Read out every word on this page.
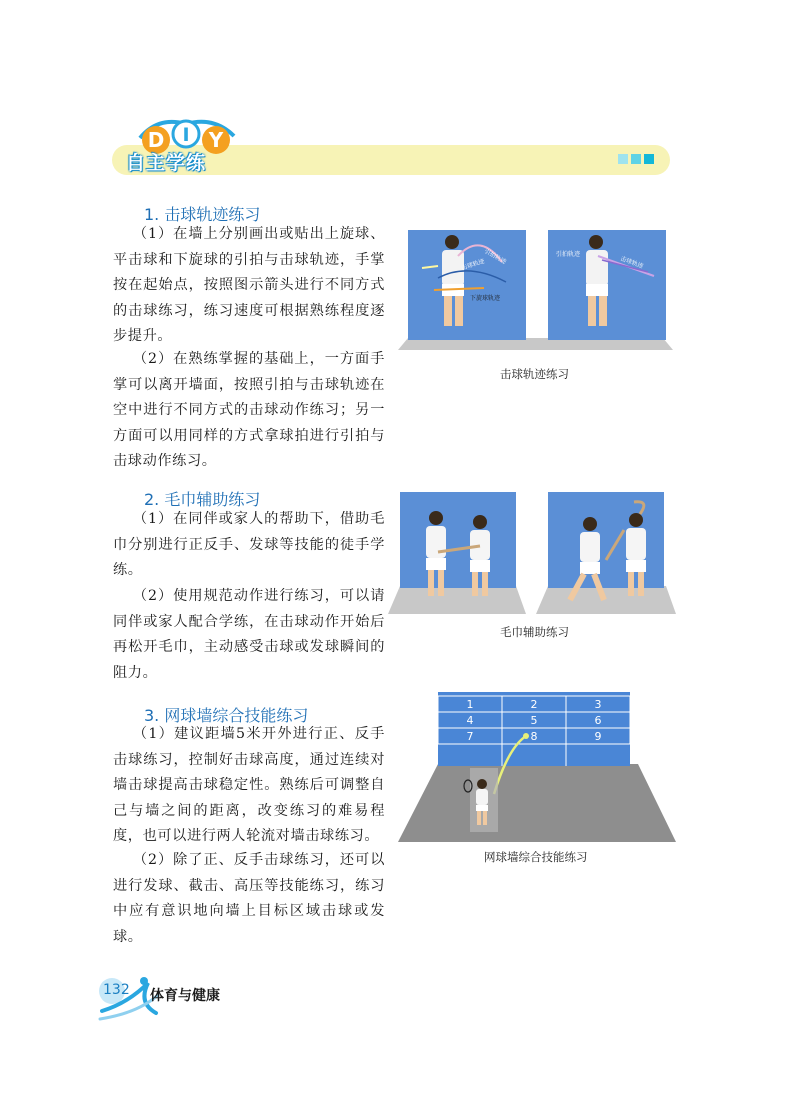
D I Y
自主学练
1. 击球轨迹练习

（1）在墙上分别画出或贴出上旋球、平击球和下旋球的引拍与击球轨迹，手掌按在起始点，按照图示箭头进行不同方式的击球练习，练习速度可根据熟练程度逐步提升。

（2）在熟练掌握的基础上，一方面手掌可以离开墙面，按照引拍与击球轨迹在空中进行不同方式的击球动作练习；另一方面可以用同样的方式拿球拍进行引拍与击球动作练习。

引拍轨迹
击球轨迹
下旋球轨迹
引拍轨迹
击球轨迹
击球轨迹练习
2. 毛巾辅助练习

（1）在同伴或家人的帮助下，借助毛巾分别进行正反手、发球等技能的徒手学练。

（2）使用规范动作进行练习，可以请同伴或家人配合学练，在击球动作开始后再松开毛巾，主动感受击球或发球瞬间的阻力。

毛巾辅助练习
3. 网球墙综合技能练习

（1）建议距墙5米开外进行正、反手击球练习，控制好击球高度，通过连续对墙击球提高击球稳定性。熟练后可调整自己与墙之间的距离，改变练习的难易程度，也可以进行两人轮流对墙击球练习。

（2）除了正、反手击球练习，还可以进行发球、截击、高压等技能练习，练习中应有意识地向墙上目标区域击球或发球。

1	2	3
4	5	6
7	8	9
网球墙综合技能练习
132 体育与健康
